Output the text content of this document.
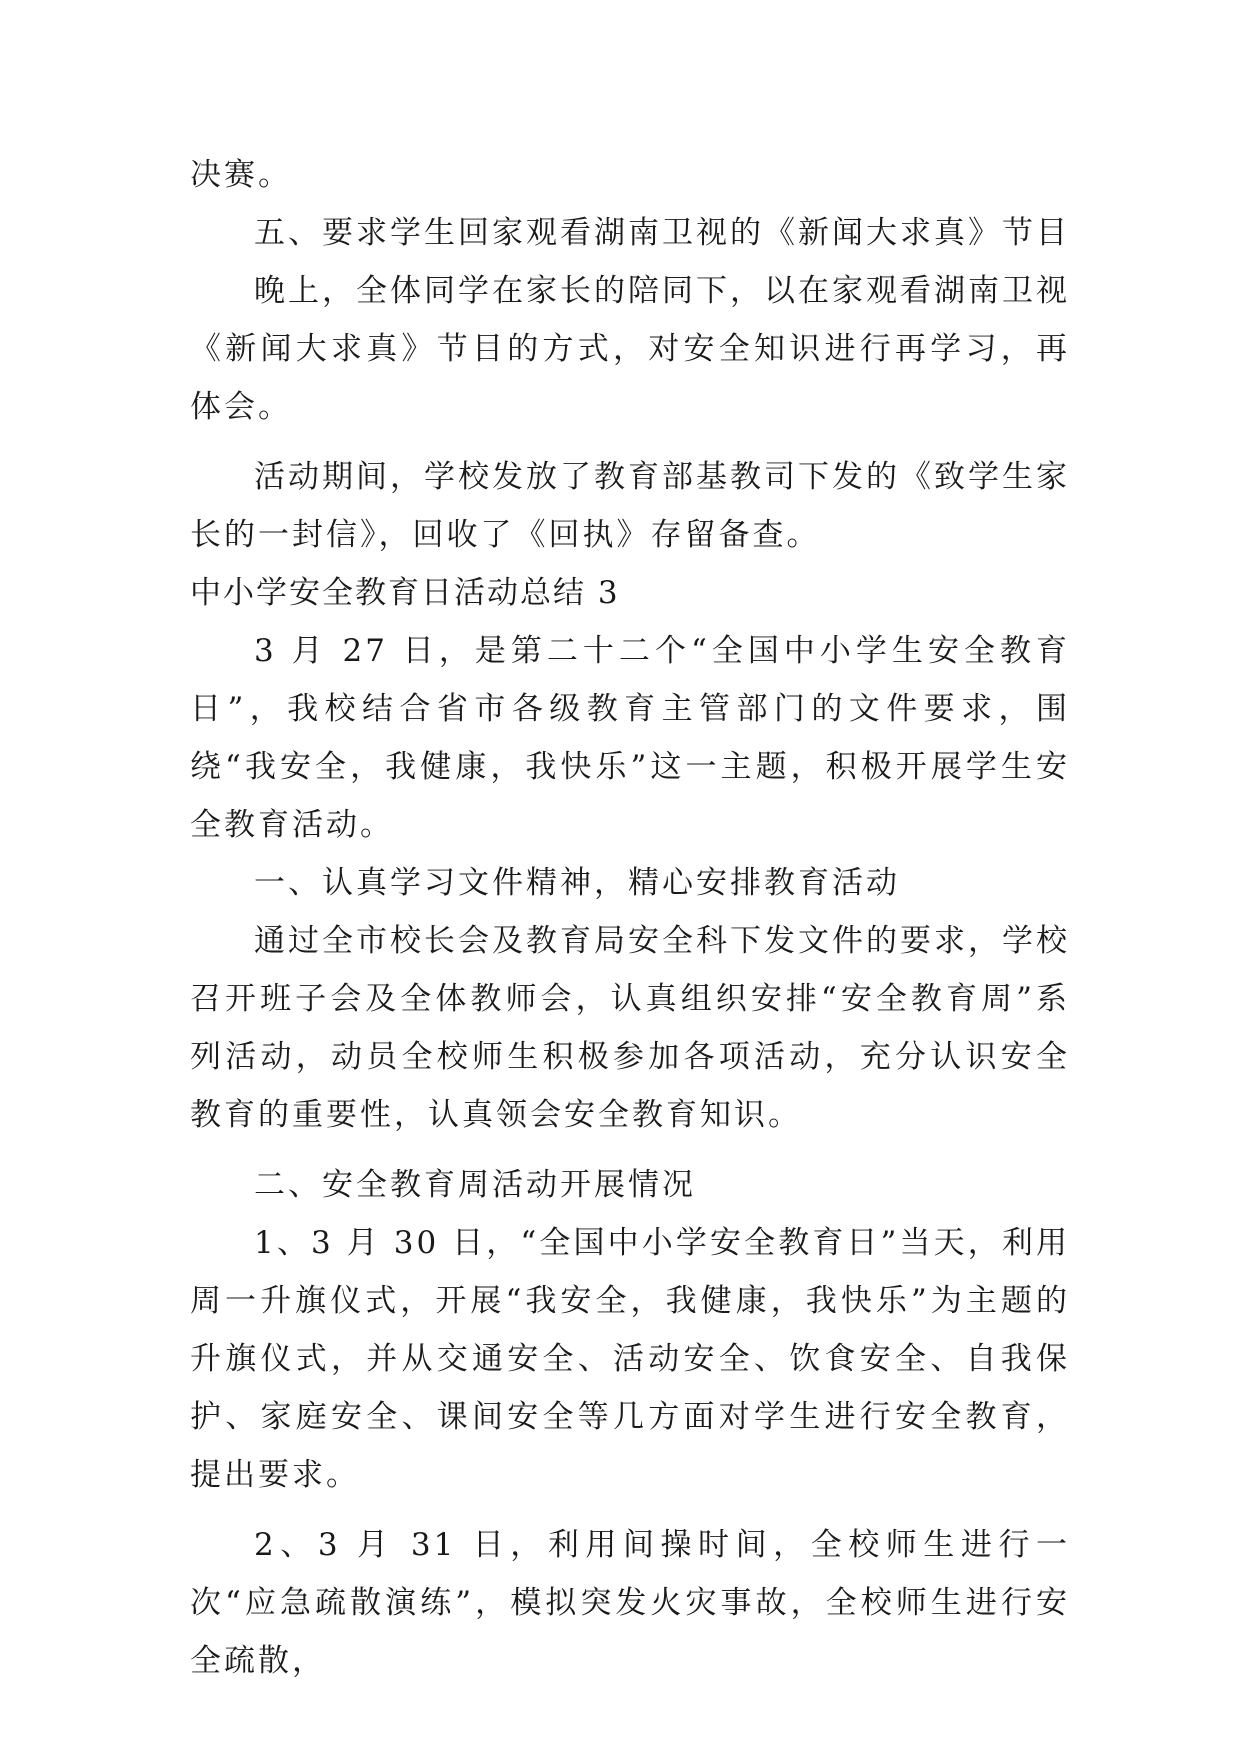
决赛。

五、要求学生回家观看湖南卫视的《新闻大求真》节目

晚上，全体同学在家长的陪同下，以在家观看湖南卫视《新闻大求真》节目的方式，对安全知识进行再学习，再体会。

活动期间，学校发放了教育部基教司下发的《致学生家长的一封信》，回收了《回执》存留备查。

中小学安全教育日活动总结 3

3 月 27 日，是第二十二个“全国中小学生安全教育日”，我校结合省市各级教育主管部门的文件要求，围绕“我安全，我健康，我快乐”这一主题，积极开展学生安全教育活动。

一、认真学习文件精神，精心安排教育活动

通过全市校长会及教育局安全科下发文件的要求，学校召开班子会及全体教师会，认真组织安排“安全教育周”系列活动，动员全校师生积极参加各项活动，充分认识安全教育的重要性，认真领会安全教育知识。

二、安全教育周活动开展情况

1、3 月 30 日，“全国中小学安全教育日”当天，利用周一升旗仪式，开展“我安全，我健康，我快乐”为主题的升旗仪式，并从交通安全、活动安全、饮食安全、自我保护、家庭安全、课间安全等几方面对学生进行安全教育，提出要求。

2、3 月 31 日，利用间操时间，全校师生进行一次“应急疏散演练”，模拟突发火灾事故，全校师生进行安全疏散，
